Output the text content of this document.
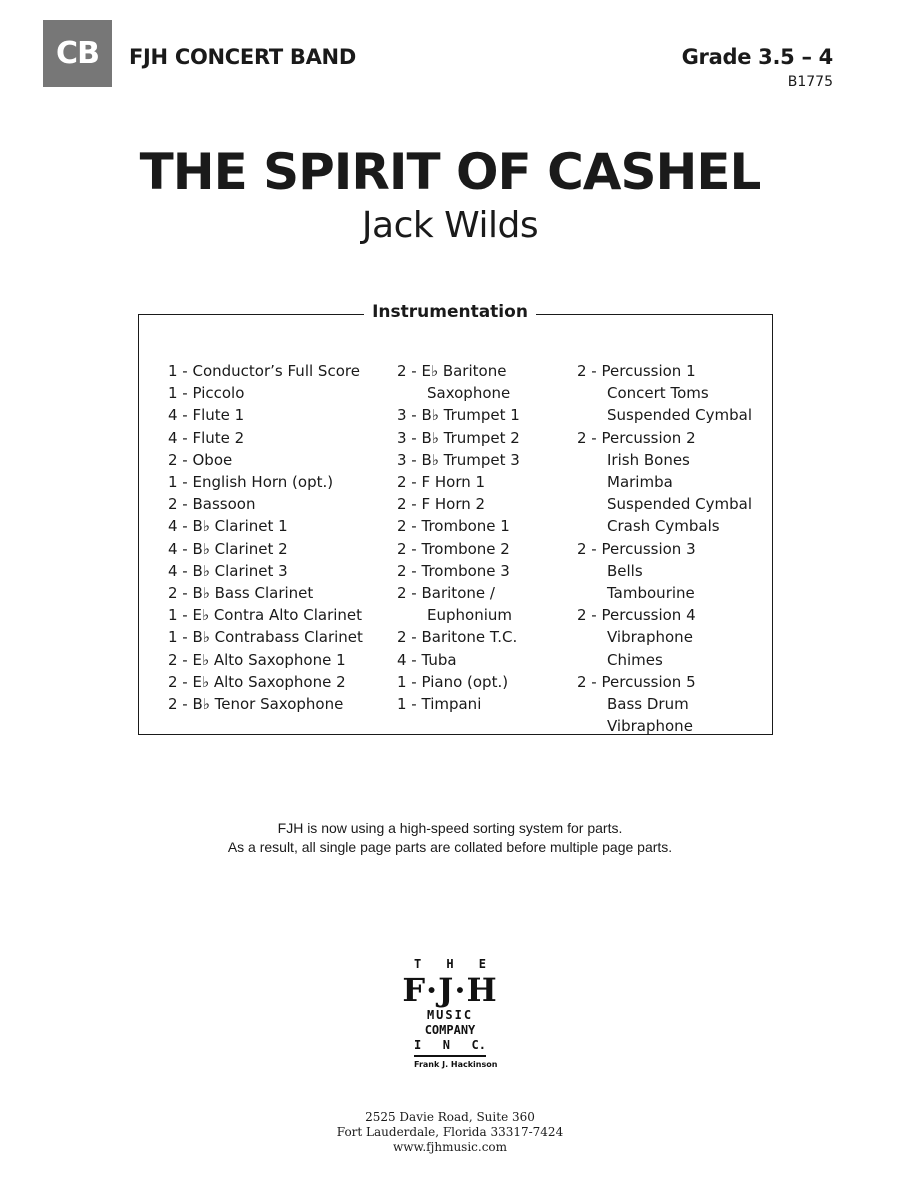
CB	FJH CONCERT BAND	Grade 3.5 – 4
B1775
THE SPIRIT OF CASHEL
Jack Wilds
Instrumentation
1 - Conductor’s Full Score
1 - Piccolo
4 - Flute 1
4 - Flute 2
2 - Oboe
1 - English Horn (opt.)
2 - Bassoon
4 - B♭ Clarinet 1
4 - B♭ Clarinet 2
4 - B♭ Clarinet 3
2 - B♭ Bass Clarinet
1 - E♭ Contra Alto Clarinet
1 - B♭ Contrabass Clarinet
2 - E♭ Alto Saxophone 1
2 - E♭ Alto Saxophone 2
2 - B♭ Tenor Saxophone
2 - E♭ Baritone
Saxophone
3 - B♭ Trumpet 1
3 - B♭ Trumpet 2
3 - B♭ Trumpet 3
2 - F Horn 1
2 - F Horn 2
2 - Trombone 1
2 - Trombone 2
2 - Trombone 3
2 - Baritone /
Euphonium
2 - Baritone T.C.
4 - Tuba
1 - Piano (opt.)
1 - Timpani
2 - Percussion 1
Concert Toms
Suspended Cymbal
2 - Percussion 2
Irish Bones
Marimba
Suspended Cymbal
Crash Cymbals
2 - Percussion 3
Bells
Tambourine
2 - Percussion 4
Vibraphone
Chimes
2 - Percussion 5
Bass Drum
Vibraphone
FJH is now using a high-speed sorting system for parts.
As a result, all single page parts are collated before multiple page parts.
T H E
F·J·H
MUSIC
COMPANY
I N C.
Frank J. Hackinson
2525 Davie Road, Suite 360
Fort Lauderdale, Florida 33317-7424
www.fjhmusic.com
